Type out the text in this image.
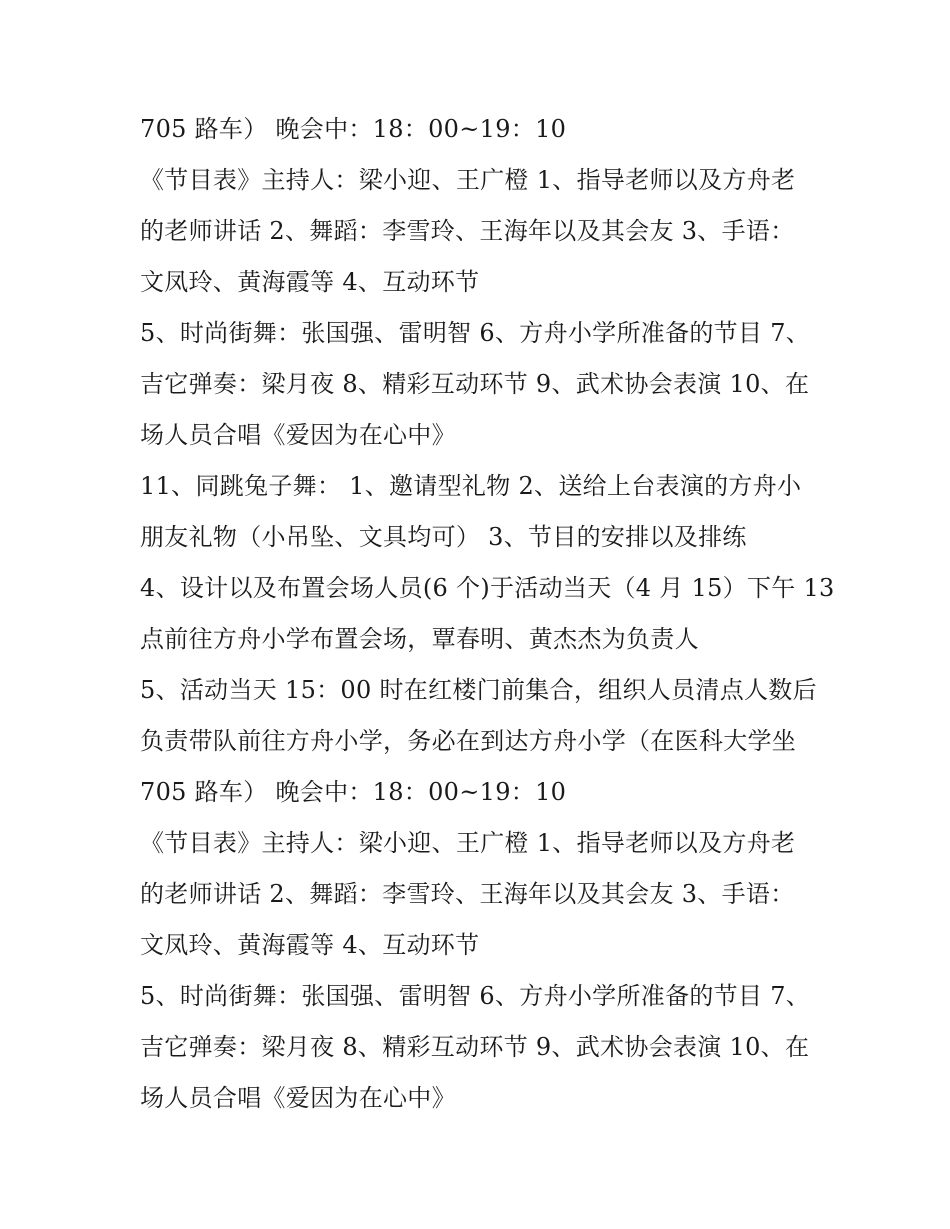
705 路车） 晚会中：18：00~19：10
《节目表》主持人：梁小迎、王广橙 1、指导老师以及方舟老
的老师讲话 2、舞蹈：李雪玲、王海年以及其会友 3、手语：
文凤玲、黄海霞等 4、互动环节
5、时尚街舞：张国强、雷明智 6、方舟小学所准备的节目 7、
吉它弹奏：梁月夜 8、精彩互动环节 9、武术协会表演 10、在
场人员合唱《爱因为在心中》
11、同跳兔子舞： 1、邀请型礼物 2、送给上台表演的方舟小
朋友礼物（小吊坠、文具均可） 3、节目的安排以及排练
4、设计以及布置会场人员(6 个)于活动当天（4 月 15）下午 13
点前往方舟小学布置会场，覃春明、黄杰杰为负责人
5、活动当天 15：00 时在红楼门前集合，组织人员清点人数后
负责带队前往方舟小学，务必在到达方舟小学（在医科大学坐
705 路车） 晚会中：18：00~19：10
《节目表》主持人：梁小迎、王广橙 1、指导老师以及方舟老
的老师讲话 2、舞蹈：李雪玲、王海年以及其会友 3、手语：
文凤玲、黄海霞等 4、互动环节
5、时尚街舞：张国强、雷明智 6、方舟小学所准备的节目 7、
吉它弹奏：梁月夜 8、精彩互动环节 9、武术协会表演 10、在
场人员合唱《爱因为在心中》
